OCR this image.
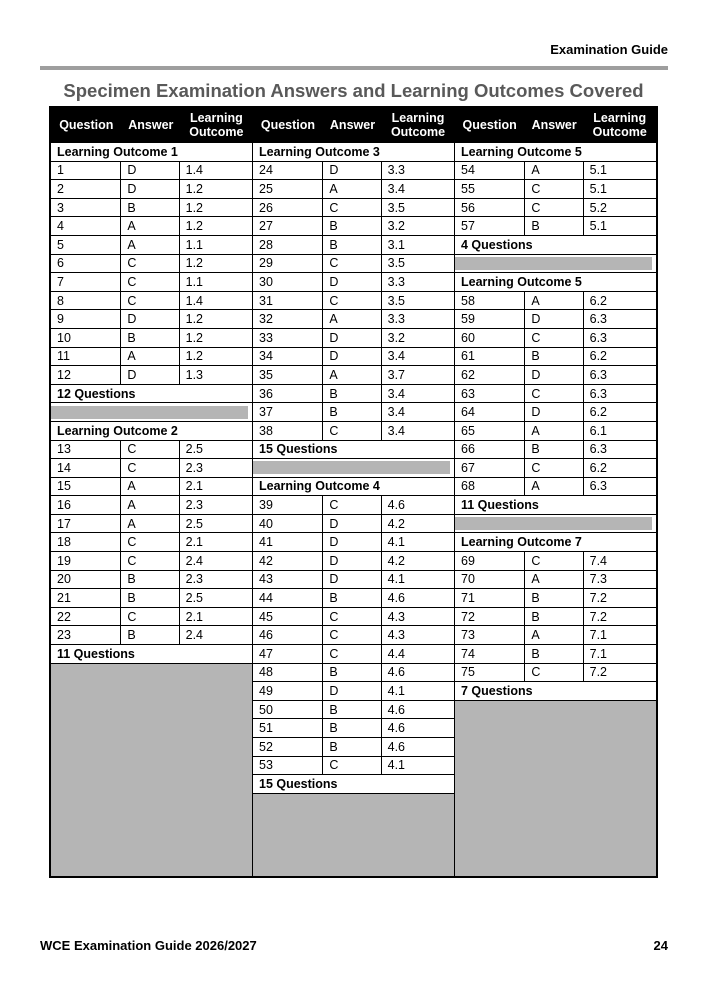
Examination Guide
Specimen Examination Answers and Learning Outcomes Covered
Question	Answer	Learning Outcome	Question	Answer	Learning Outcome	Question	Answer	Learning Outcome
Learning Outcome 1
1	D	1.4
2	D	1.2
3	B	1.2
4	A	1.2
5	A	1.1
6	C	1.2
7	C	1.1
8	C	1.4
9	D	1.2
10	B	1.2
11	A	1.2
12	D	1.3
12 Questions
Learning Outcome 2
13	C	2.5
14	C	2.3
15	A	2.1
16	A	2.3
17	A	2.5
18	C	2.1
19	C	2.4
20	B	2.3
21	B	2.5
22	C	2.1
23	B	2.4
11 Questions
Learning Outcome 3
24	D	3.3
25	A	3.4
26	C	3.5
27	B	3.2
28	B	3.1
29	C	3.5
30	D	3.3
31	C	3.5
32	A	3.3
33	D	3.2
34	D	3.4
35	A	3.7
36	B	3.4
37	B	3.4
38	C	3.4
15 Questions
Learning Outcome 4
39	C	4.6
40	D	4.2
41	D	4.1
42	D	4.2
43	D	4.1
44	B	4.6
45	C	4.3
46	C	4.3
47	C	4.4
48	B	4.6
49	D	4.1
50	B	4.6
51	B	4.6
52	B	4.6
53	C	4.1
15 Questions
Learning Outcome 5
54	A	5.1
55	C	5.1
56	C	5.2
57	B	5.1
4 Questions
Learning Outcome 5
58	A	6.2
59	D	6.3
60	C	6.3
61	B	6.2
62	D	6.3
63	C	6.3
64	D	6.2
65	A	6.1
66	B	6.3
67	C	6.2
68	A	6.3
11 Questions
Learning Outcome 7
69	C	7.4
70	A	7.3
71	B	7.2
72	B	7.2
73	A	7.1
74	B	7.1
75	C	7.2
7 Questions
WCE Examination Guide 2026/2027	24
